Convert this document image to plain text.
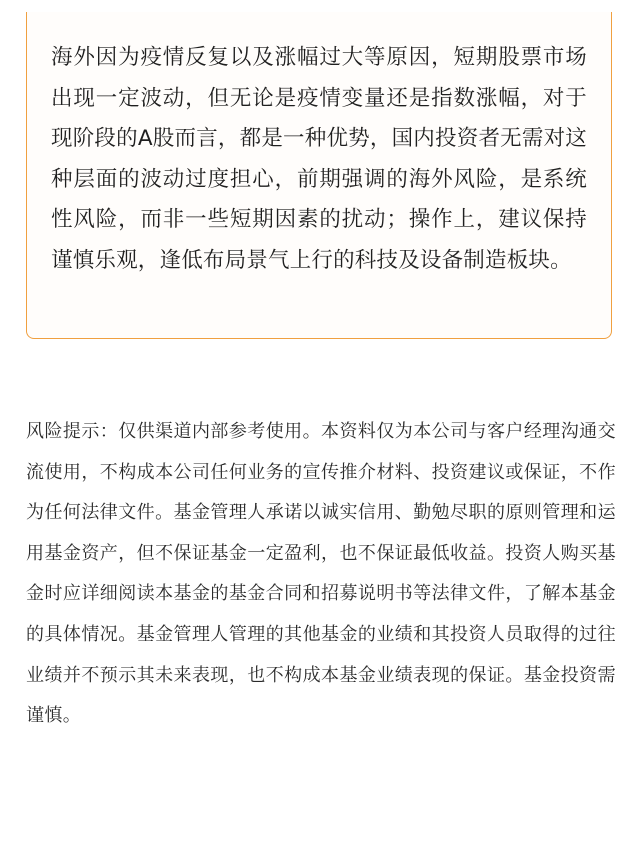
海外因为疫情反复以及涨幅过大等原因，短期股票市场出现一定波动，但无论是疫情变量还是指数涨幅，对于现阶段的A股而言，都是一种优势，国内投资者无需对这种层面的波动过度担心，前期强调的海外风险，是系统性风险，而非一些短期因素的扰动；操作上，建议保持谨慎乐观，逢低布局景气上行的科技及设备制造板块。

风险提示：仅供渠道内部参考使用。本资料仅为本公司与客户经理沟通交流使用，不构成本公司任何业务的宣传推介材料、投资建议或保证，不作为任何法律文件。基金管理人承诺以诚实信用、勤勉尽职的原则管理和运用基金资产，但不保证基金一定盈利，也不保证最低收益。投资人购买基金时应详细阅读本基金的基金合同和招募说明书等法律文件，了解本基金的具体情况。基金管理人管理的其他基金的业绩和其投资人员取得的过往业绩并不预示其未来表现，也不构成本基金业绩表现的保证。基金投资需谨慎。
